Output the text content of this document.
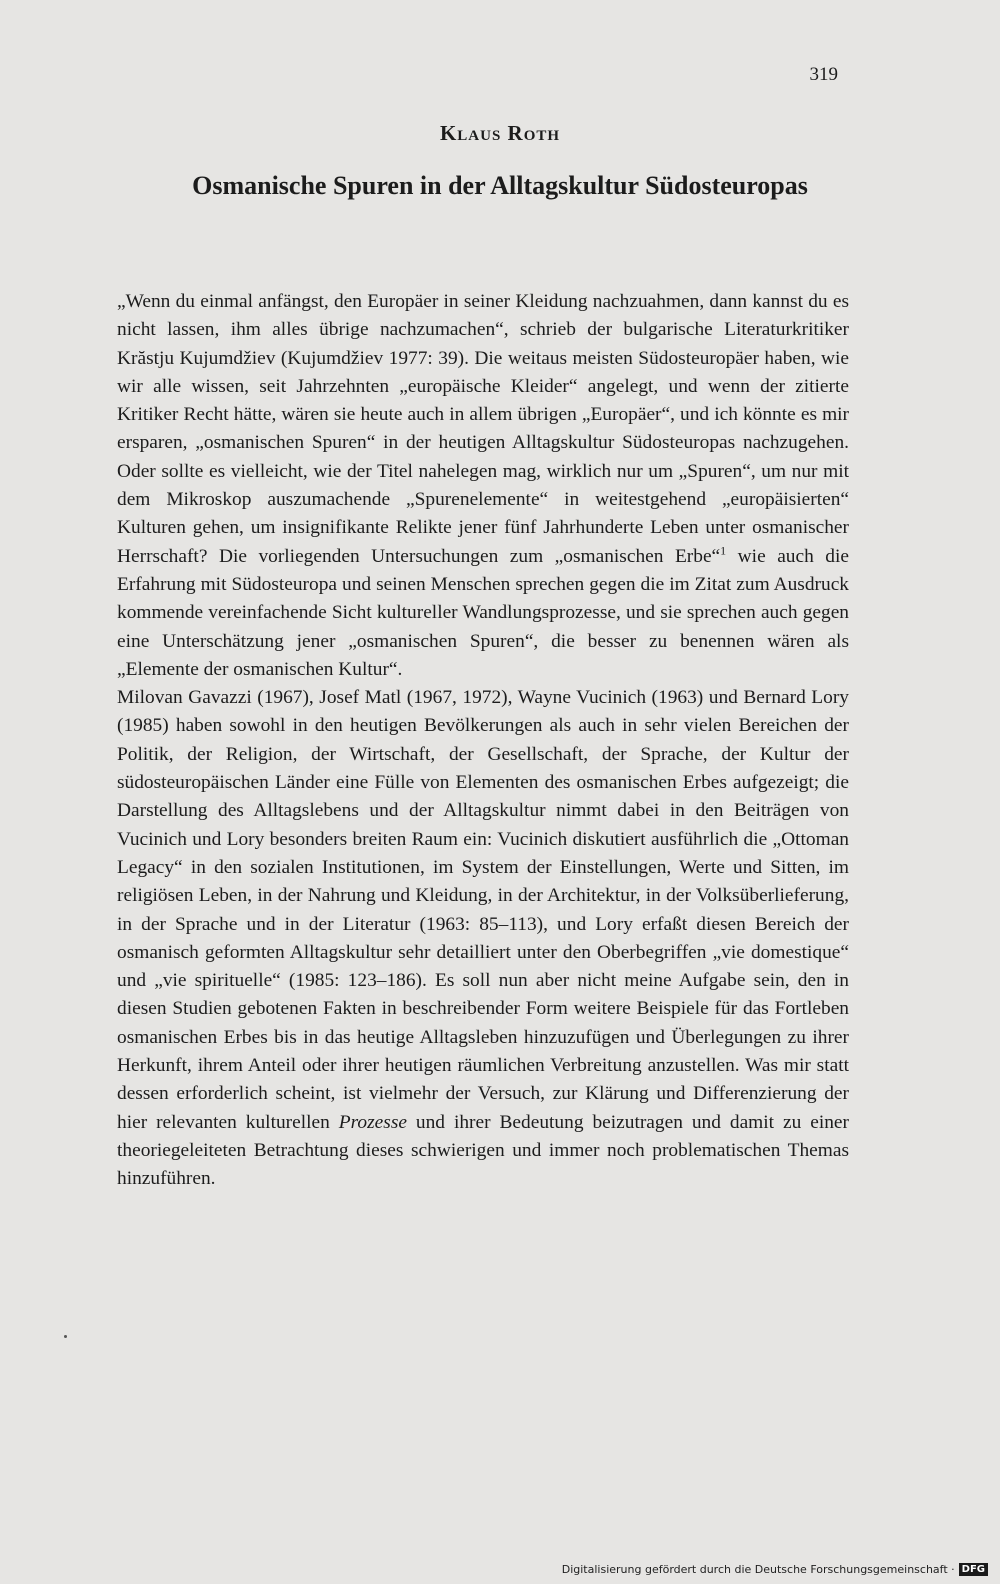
319

Klaus Roth
Osmanische Spuren in der Alltagskultur Südosteuropas

„Wenn du einmal anfängst, den Europäer in seiner Kleidung nachzuahmen, dann kannst du es nicht lassen, ihm alles übrige nachzumachen“, schrieb der bulgarische Literaturkritiker Krăstju Kujumdžiev (Kujumdžiev 1977: 39). Die weitaus meisten Südosteuropäer haben, wie wir alle wissen, seit Jahrzehnten „europäische Kleider“ angelegt, und wenn der zitierte Kritiker Recht hätte, wären sie heute auch in allem übrigen „Europäer“, und ich könnte es mir ersparen, „osmanischen Spuren“ in der heutigen Alltagskultur Südosteuropas nachzugehen. Oder sollte es vielleicht, wie der Titel nahelegen mag, wirklich nur um „Spuren“, um nur mit dem Mikroskop auszumachende „Spurenelemente“ in weitestgehend „europäisierten“ Kulturen gehen, um insignifikante Relikte jener fünf Jahrhunderte Leben unter osmanischer Herrschaft? Die vorliegenden Untersuchungen zum „osmanischen Erbe“$^1$ wie auch die Erfahrung mit Südosteuropa und seinen Menschen sprechen gegen die im Zitat zum Ausdruck kommende vereinfachende Sicht kultureller Wandlungsprozesse, und sie sprechen auch gegen eine Unterschätzung jener „osmanischen Spuren“, die besser zu benennen wären als „Elemente der osmanischen Kultur“.

Milovan Gavazzi (1967), Josef Matl (1967, 1972), Wayne Vucinich (1963) und Bernard Lory (1985) haben sowohl in den heutigen Bevölkerungen als auch in sehr vielen Bereichen der Politik, der Religion, der Wirtschaft, der Gesellschaft, der Sprache, der Kultur der südosteuropäischen Länder eine Fülle von Elementen des osmanischen Erbes aufgezeigt; die Darstellung des Alltagslebens und der Alltagskultur nimmt dabei in den Beiträgen von Vucinich und Lory besonders breiten Raum ein: Vucinich diskutiert ausführlich die „Ottoman Legacy“ in den sozialen Institutionen, im System der Einstellungen, Werte und Sitten, im religiösen Leben, in der Nahrung und Kleidung, in der Architektur, in der Volksüberlieferung, in der Sprache und in der Literatur (1963: 85–113), und Lory erfaßt diesen Bereich der osmanisch geformten Alltagskultur sehr detailliert unter den Oberbegriffen „vie domestique“ und „vie spirituelle“ (1985: 123–186). Es soll nun aber nicht meine Aufgabe sein, den in diesen Studien gebotenen Fakten in beschreibender Form weitere Beispiele für das Fortleben osmanischen Erbes bis in das heutige Alltagsleben hinzuzufügen und Überlegungen zu ihrer Herkunft, ihrem Anteil oder ihrer heutigen räumlichen Verbreitung anzustellen. Was mir statt dessen erforderlich scheint, ist vielmehr der Versuch, zur Klärung und Differenzierung der hier relevanten kulturellen Prozesse und ihrer Bedeutung beizutragen und damit zu einer theoriegeleiteten Betrachtung dieses schwierigen und immer noch problematischen Themas hinzuführen.

Digitalisierung gefördert durch die Deutsche Forschungsgemeinschaft · DFG
